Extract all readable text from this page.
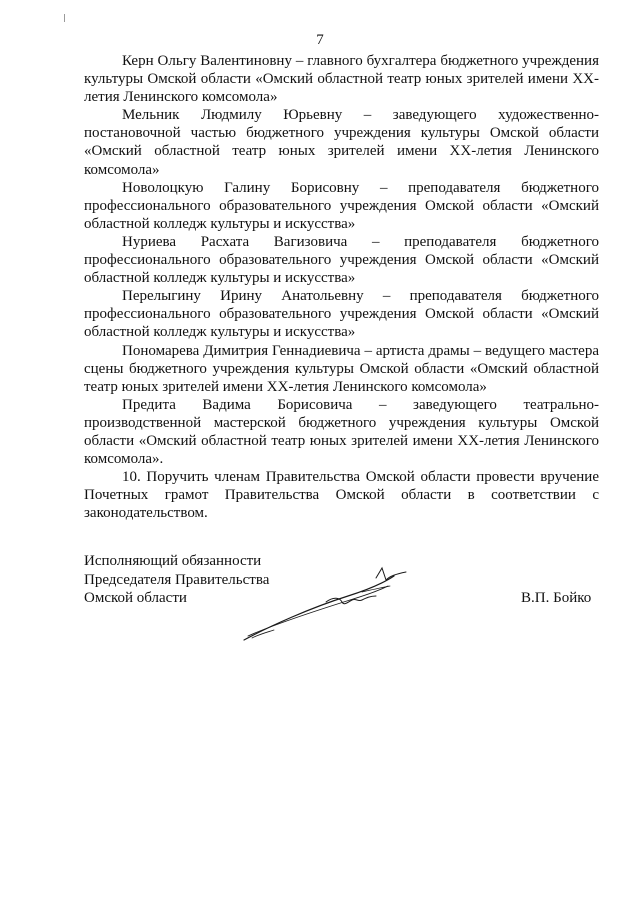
7

Керн Ольгу Валентиновну – главного бухгалтера бюджетного учреждения культуры Омской области «Омский областной театр юных зрителей имени XX-летия Ленинского комсомола»

Мельник Людмилу Юрьевну – заведующего художественно-постановочной частью бюджетного учреждения культуры Омской области «Омский областной театр юных зрителей имени XX-летия Ленинского комсомола»

Новолоцкую Галину Борисовну – преподавателя бюджетного профессионального образовательного учреждения Омской области «Омский областной колледж культуры и искусства»

Нуриева Расхата Вагизовича – преподавателя бюджетного профессионального образовательного учреждения Омской области «Омский областной колледж культуры и искусства»

Перелыгину Ирину Анатольевну – преподавателя бюджетного профессионального образовательного учреждения Омской области «Омский областной колледж культуры и искусства»

Пономарева Димитрия Геннадиевича – артиста драмы – ведущего мастера сцены бюджетного учреждения культуры Омской области «Омский областной театр юных зрителей имени XX-летия Ленинского комсомола»

Предита Вадима Борисовича – заведующего театрально-производственной мастерской бюджетного учреждения культуры Омской области «Омский областной театр юных зрителей имени XX-летия Ленинского комсомола».

10. Поручить членам Правительства Омской области провести вручение Почетных грамот Правительства Омской области в соответствии с законодательством.

Исполняющий обязанности
Председателя Правительства
Омской области	В.П. Бойко
